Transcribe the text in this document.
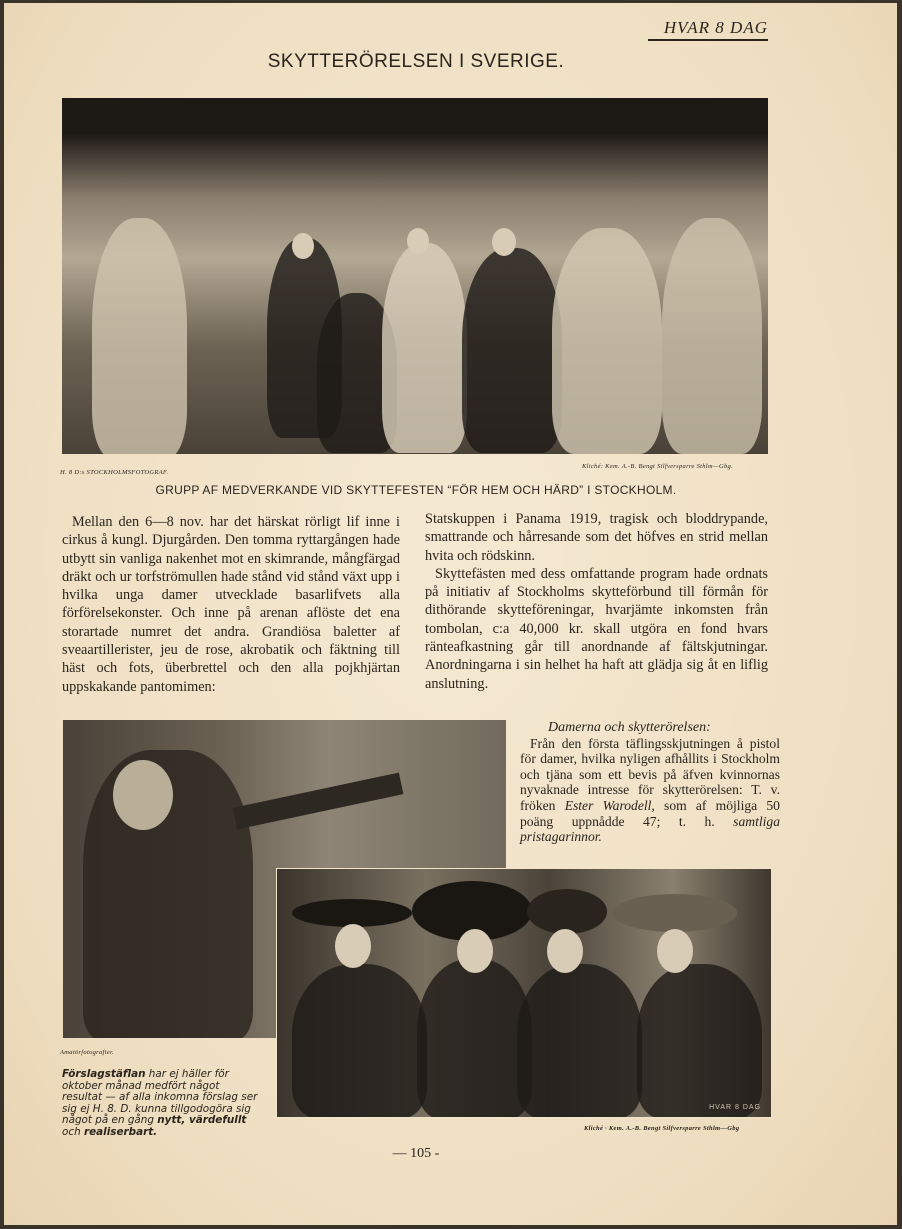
HVAR 8 DAG
SKYTTERÖRELSEN I SVERIGE.
H. 8 D:s STOCKHOLMSFOTOGRAF.
Kliché: Kem. A.-B. Bengt Silfversparre Sthlm—Gbg.
GRUPP AF MEDVERKANDE VID SKYTTEFESTEN “FÖR HEM OCH HÄRD” I STOCKHOLM.

Mellan den 6—8 nov. har det härskat rörligt lif inne i cirkus å kungl. Djurgården. Den tomma ryttargången hade utbytt sin vanliga nakenhet mot en skimrande, mångfärgad dräkt och ur torfströmullen hade stånd vid stånd växt upp i hvilka unga damer utvecklade basarlifvets alla förförelsekonster. Och inne på arenan aflöste det ena storartade numret det andra. Grandiösa baletter af sveaartillerister, jeu de rose, akrobatik och fäktning till häst och fots, überbrettel och den alla pojkhjärtan uppskakande pantomimen:

Statskuppen i Panama 1919, tragisk och bloddrypande, smattrande och hårresande som det höfves en strid mellan hvita och rödskinn.

Skyttefästen med dess omfattande program hade ordnats på initiativ af Stockholms skytteförbund till förmån för dithörande skytteföreningar, hvarjämte inkomsten från tombolan, c:a 40,000 kr. skall utgöra en fond hvars ränteafkastning går till anordnande af fältskjutningar. Anordningarna i sin helhet ha haft att glädja sig åt en liflig anslutning.

Damerna och skytterörelsen:

Från den första täflingsskjutningen å pistol för damer, hvilka nyligen afhållits i Stockholm och tjäna som ett bevis på äfven kvinnornas nyvaknade intresse för skytterörelsen: T. v. fröken Ester Warodell, som af möjliga 50 poäng uppnådde 47; t. h. samtliga pristagarinnor.

HVAR 8 DAG
Amatörfotografier.
Förslagstäflan har ej häller för oktober månad medfört något resultat — af alla inkomna förslag ser sig ej H. 8. D. kunna tillgodogöra sig något på en gång nytt, värdefullt och realiserbart.	Kliché · Kem. A.-B. Bengt Silfversparre Sthlm—Gbg
— 105 -
